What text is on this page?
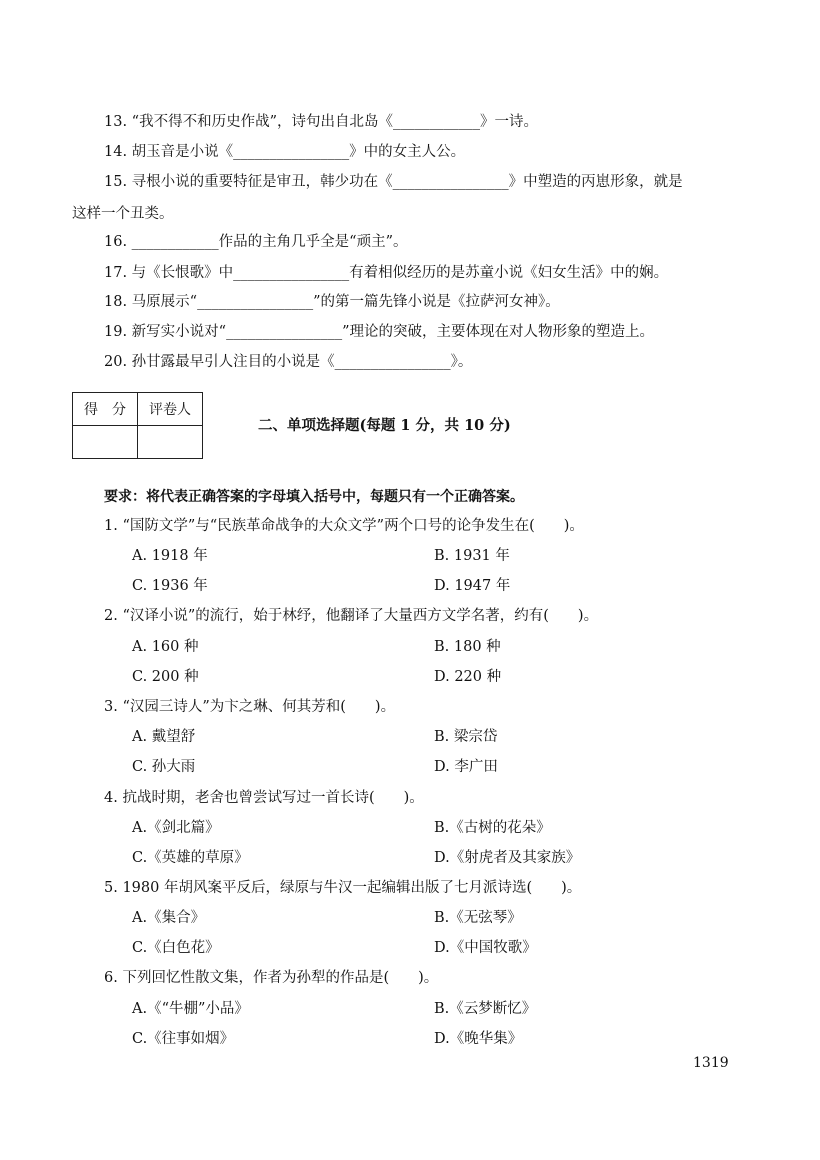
13. “我不得不和历史作战”，诗句出自北岛《____________》一诗。
14. 胡玉音是小说《________________》中的女主人公。
15. 寻根小说的重要特征是审丑，韩少功在《________________》中塑造的丙崽形象，就是
这样一个丑类。
16. ____________作品的主角几乎全是“顽主”。
17. 与《长恨歌》中________________有着相似经历的是苏童小说《妇女生活》中的娴。
18. 马原展示“________________”的第一篇先锋小说是《拉萨河女神》。
19. 新写实小说对“________________”理论的突破，主要体现在对人物形象的塑造上。
20. 孙甘露最早引人注目的小说是《________________》。
得　分	评卷人

二、单项选择题(每题 1 分，共 10 分)
要求：将代表正确答案的字母填入括号中，每题只有一个正确答案。
1. “国防文学”与“民族革命战争的大众文学”两个口号的论争发生在(　　)。
A. 1918 年	B. 1931 年
C. 1936 年	D. 1947 年
2. “汉译小说”的流行，始于林纾，他翻译了大量西方文学名著，约有(　　)。
A. 160 种	B. 180 种
C. 200 种	D. 220 种
3. “汉园三诗人”为卞之琳、何其芳和(　　)。
A. 戴望舒	B. 梁宗岱
C. 孙大雨	D. 李广田
4. 抗战时期，老舍也曾尝试写过一首长诗(　　)。
A.《剑北篇》	B.《古树的花朵》
C.《英雄的草原》	D.《射虎者及其家族》
5. 1980 年胡风案平反后，绿原与牛汉一起编辑出版了七月派诗选(　　)。
A.《集合》	B.《无弦琴》
C.《白色花》	D.《中国牧歌》
6. 下列回忆性散文集，作者为孙犁的作品是(　　)。
A.《“牛棚”小品》	B.《云梦断忆》
C.《往事如烟》	D.《晚华集》
1319
